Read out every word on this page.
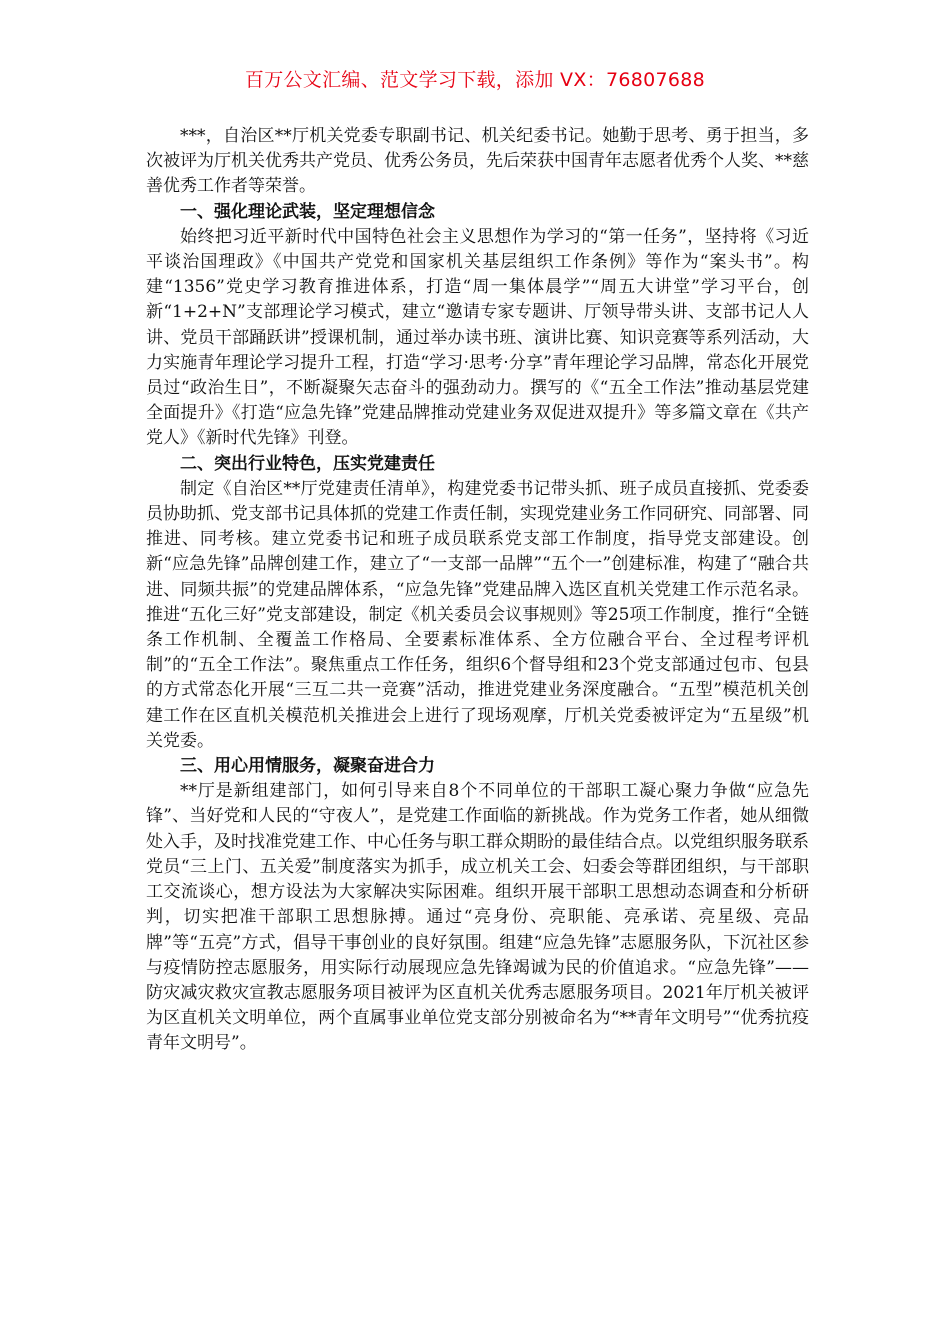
百万公文汇编、范文学习下载，添加 VX：76807688

***，自治区**厅机关党委专职副书记、机关纪委书记。她勤于思考、勇于担当，多次被评为厅机关优秀共产党员、优秀公务员，先后荣获中国青年志愿者优秀个人奖、**慈善优秀工作者等荣誉。

一、强化理论武装，坚定理想信念

始终把习近平新时代中国特色社会主义思想作为学习的“第一任务”，坚持将《习近平谈治国理政》《中国共产党党和国家机关基层组织工作条例》等作为“案头书”。构建“1356”党史学习教育推进体系，打造“周一集体晨学”“周五大讲堂”学习平台，创新“1+2+N”支部理论学习模式，建立“邀请专家专题讲、厅领导带头讲、支部书记人人讲、党员干部踊跃讲”授课机制，通过举办读书班、演讲比赛、知识竞赛等系列活动，大力实施青年理论学习提升工程，打造“学习·思考·分享”青年理论学习品牌，常态化开展党员过“政治生日”，不断凝聚矢志奋斗的强劲动力。撰写的《“五全工作法”推动基层党建全面提升》《打造“应急先锋”党建品牌推动党建业务双促进双提升》等多篇文章在《共产党人》《新时代先锋》刊登。

二、突出行业特色，压实党建责任

制定《自治区**厅党建责任清单》，构建党委书记带头抓、班子成员直接抓、党委委员协助抓、党支部书记具体抓的党建工作责任制，实现党建业务工作同研究、同部署、同推进、同考核。建立党委书记和班子成员联系党支部工作制度，指导党支部建设。创新“应急先锋”品牌创建工作，建立了“一支部一品牌”“五个一”创建标准，构建了“融合共进、同频共振”的党建品牌体系，“应急先锋”党建品牌入选区直机关党建工作示范名录。推进“五化三好”党支部建设，制定《机关委员会议事规则》等25项工作制度，推行“全链条工作机制、全覆盖工作格局、全要素标准体系、全方位融合平台、全过程考评机制”的“五全工作法”。聚焦重点工作任务，组织6个督导组和23个党支部通过包市、包县的方式常态化开展“三互二共一竞赛”活动，推进党建业务深度融合。“五型”模范机关创建工作在区直机关模范机关推进会上进行了现场观摩，厅机关党委被评定为“五星级”机关党委。

三、用心用情服务，凝聚奋进合力

**厅是新组建部门，如何引导来自8个不同单位的干部职工凝心聚力争做“应急先锋”、当好党和人民的“守夜人”，是党建工作面临的新挑战。作为党务工作者，她从细微处入手，及时找准党建工作、中心任务与职工群众期盼的最佳结合点。以党组织服务联系党员“三上门、五关爱”制度落实为抓手，成立机关工会、妇委会等群团组织，与干部职工交流谈心，想方设法为大家解决实际困难。组织开展干部职工思想动态调查和分析研判，切实把准干部职工思想脉搏。通过“亮身份、亮职能、亮承诺、亮星级、亮品牌”等“五亮”方式，倡导干事创业的良好氛围。组建“应急先锋”志愿服务队，下沉社区参与疫情防控志愿服务，用实际行动展现应急先锋竭诚为民的价值追求。“应急先锋”——防灾减灾救灾宣教志愿服务项目被评为区直机关优秀志愿服务项目。2021年厅机关被评为区直机关文明单位，两个直属事业单位党支部分别被命名为“**青年文明号”“优秀抗疫青年文明号”。
